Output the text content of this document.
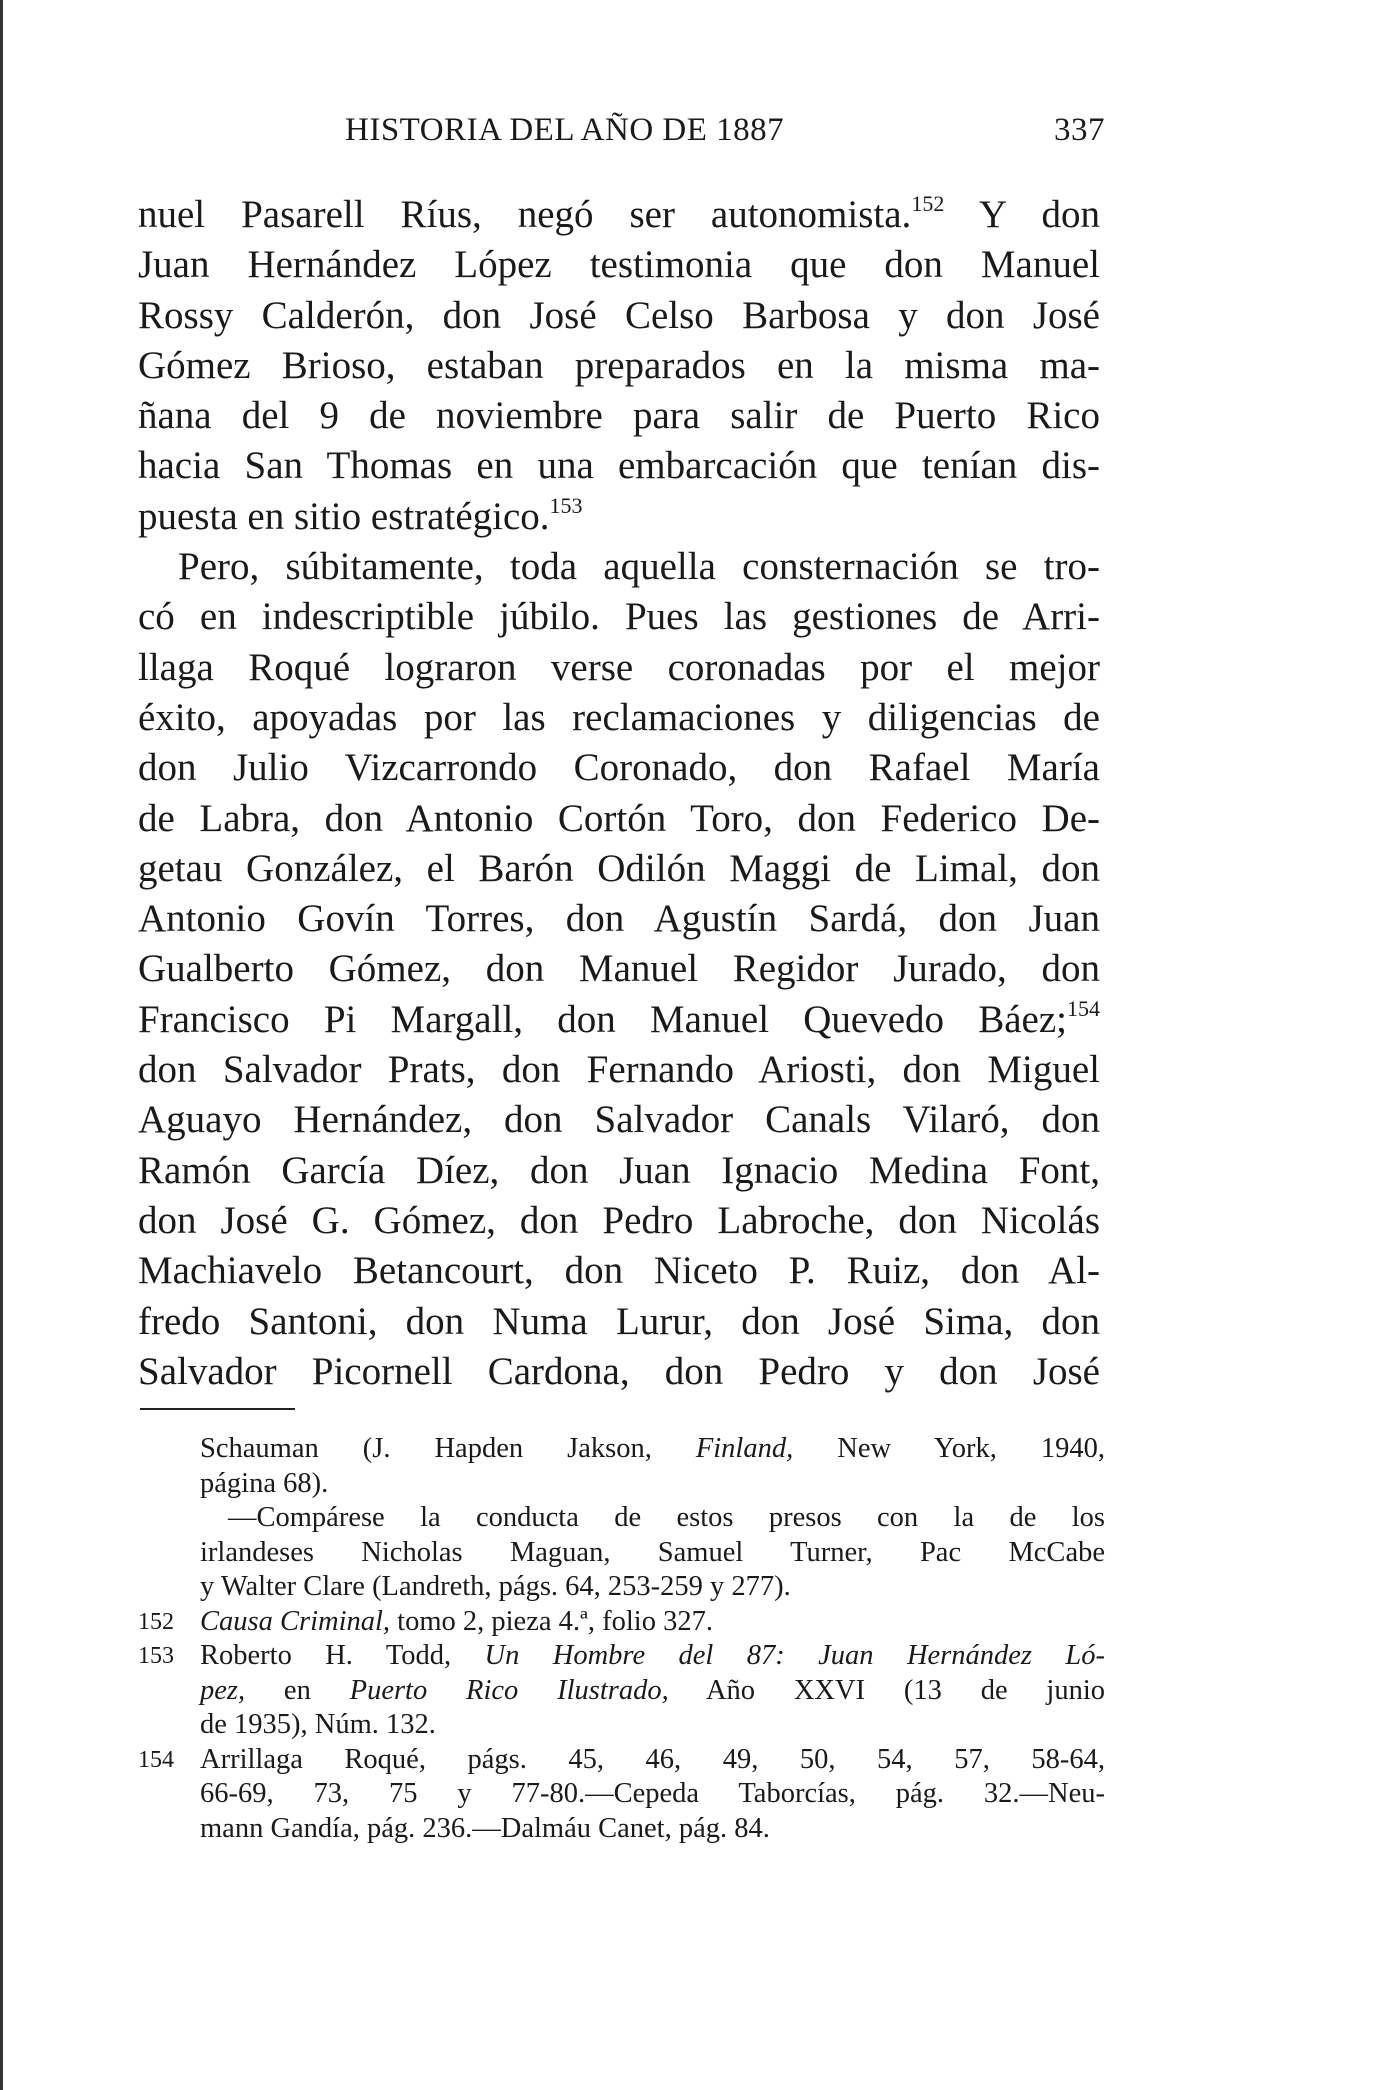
HISTORIA DEL AÑO DE 1887	337
nuel Pasarell Ríus, negó ser autonomista.$^{152}$ Y don
Juan Hernández López testimonia que don Manuel
Rossy Calderón, don José Celso Barbosa y don José
Gómez Brioso, estaban preparados en la misma ma-
ñana del 9 de noviembre para salir de Puerto Rico
hacia San Thomas en una embarcación que tenían dis-
puesta en sitio estratégico.$^{153}$
Pero, súbitamente, toda aquella consternación se tro-
có en indescriptible júbilo. Pues las gestiones de Arri-
llaga Roqué lograron verse coronadas por el mejor
éxito, apoyadas por las reclamaciones y diligencias de
don Julio Vizcarrondo Coronado, don Rafael María
de Labra, don Antonio Cortón Toro, don Federico De-
getau González, el Barón Odilón Maggi de Limal, don
Antonio Govín Torres, don Agustín Sardá, don Juan
Gualberto Gómez, don Manuel Regidor Jurado, don
Francisco Pi Margall, don Manuel Quevedo Báez;$^{154}$
don Salvador Prats, don Fernando Ariosti, don Miguel
Aguayo Hernández, don Salvador Canals Vilaró, don
Ramón García Díez, don Juan Ignacio Medina Font,
don José G. Gómez, don Pedro Labroche, don Nicolás
Machiavelo Betancourt, don Niceto P. Ruiz, don Al-
fredo Santoni, don Numa Lurur, don José Sima, don
Salvador Picornell Cardona, don Pedro y don José
Schauman (J. Hapden Jakson, Finland, New York, 1940,
página 68).
—Compárese la conducta de estos presos con la de los
irlandeses Nicholas Maguan, Samuel Turner, Pac McCabe
y Walter Clare (Landreth, págs. 64, 253-259 y 277).
152 Causa Criminal, tomo 2, pieza 4.ª, folio 327.
153 Roberto H. Todd, Un Hombre del 87: Juan Hernández Ló-
pez, en Puerto Rico Ilustrado, Año XXVI (13 de junio
de 1935), Núm. 132.
154 Arrillaga Roqué, págs. 45, 46, 49, 50, 54, 57, 58-64,
66-69, 73, 75 y 77-80.—Cepeda Taborcías, pág. 32.—Neu-
mann Gandía, pág. 236.—Dalmáu Canet, pág. 84.
